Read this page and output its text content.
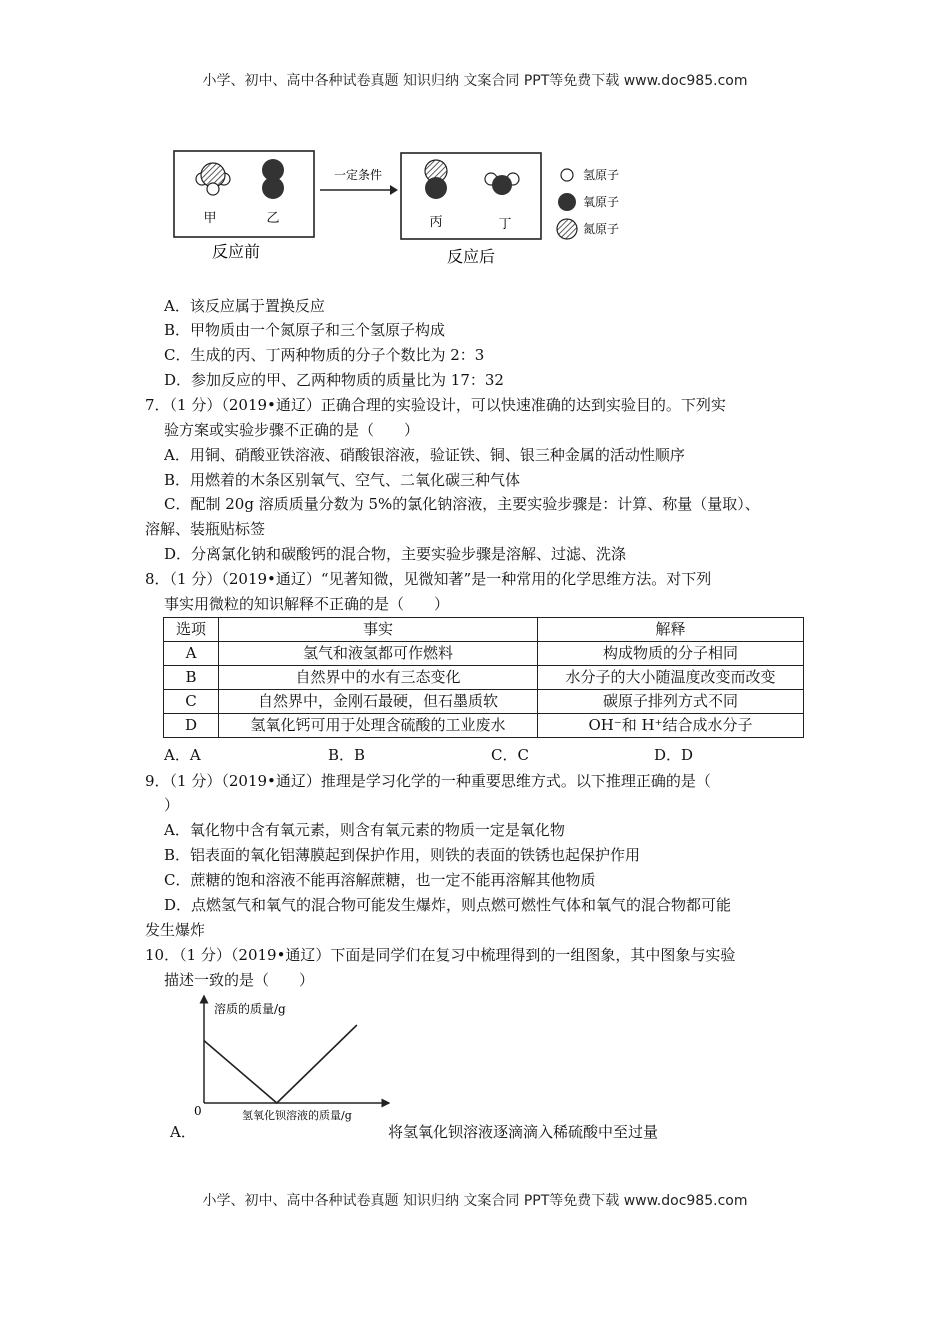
小学、初中、高中各种试卷真题 知识归纳 文案合同 PPT等免费下载 www.doc985.com
甲	乙
反应前
一定条件
丙	丁
反应后
氢原子
氧原子
氮原子
A．该反应属于置换反应
B．甲物质由一个氮原子和三个氢原子构成
C．生成的丙、丁两种物质的分子个数比为 2：3
D．参加反应的甲、乙两种物质的质量比为 17：32
7．（1 分）（2019•通辽）正确合理的实验设计，可以快速准确的达到实验目的。下列实
验方案或实验步骤不正确的是（　　）
A．用铜、硝酸亚铁溶液、硝酸银溶液，验证铁、铜、银三种金属的活动性顺序
B．用燃着的木条区别氧气、空气、二氧化碳三种气体
C．配制 20g 溶质质量分数为 5%的氯化钠溶液，主要实验步骤是：计算、称量（量取）、
溶解、装瓶贴标签
D．分离氯化钠和碳酸钙的混合物，主要实验步骤是溶解、过滤、洗涤
8．（1 分）（2019•通辽）“见著知微，见微知著”是一种常用的化学思维方法。对下列
事实用微粒的知识解释不正确的是（　　）
选项	事实	解释
A	氢气和液氢都可作燃料	构成物质的分子相同
B	自然界中的水有三态变化	水分子的大小随温度改变而改变
C	自然界中，金刚石最硬，但石墨质软	碳原子排列方式不同
D	氢氧化钙可用于处理含硫酸的工业废水	OH⁻和 H⁺结合成水分子
A．A	B．B	C．C	D．D
9．（1 分）（2019•通辽）推理是学习化学的一种重要思维方式。以下推理正确的是（
）
A．氧化物中含有氧元素，则含有氧元素的物质一定是氧化物
B．铝表面的氧化铝薄膜起到保护作用，则铁的表面的铁锈也起保护作用
C．蔗糖的饱和溶液不能再溶解蔗糖，也一定不能再溶解其他物质
D．点燃氢气和氧气的混合物可能发生爆炸，则点燃可燃性气体和氧气的混合物都可能
发生爆炸
10．（1 分）（2019•通辽）下面是同学们在复习中梳理得到的一组图象，其中图象与实验
描述一致的是（　　）
溶质的质量/g
氢氧化钡溶液的质量/g
0
A．	将氢氧化钡溶液逐滴滴入稀硫酸中至过量
小学、初中、高中各种试卷真题 知识归纳 文案合同 PPT等免费下载 www.doc985.com
